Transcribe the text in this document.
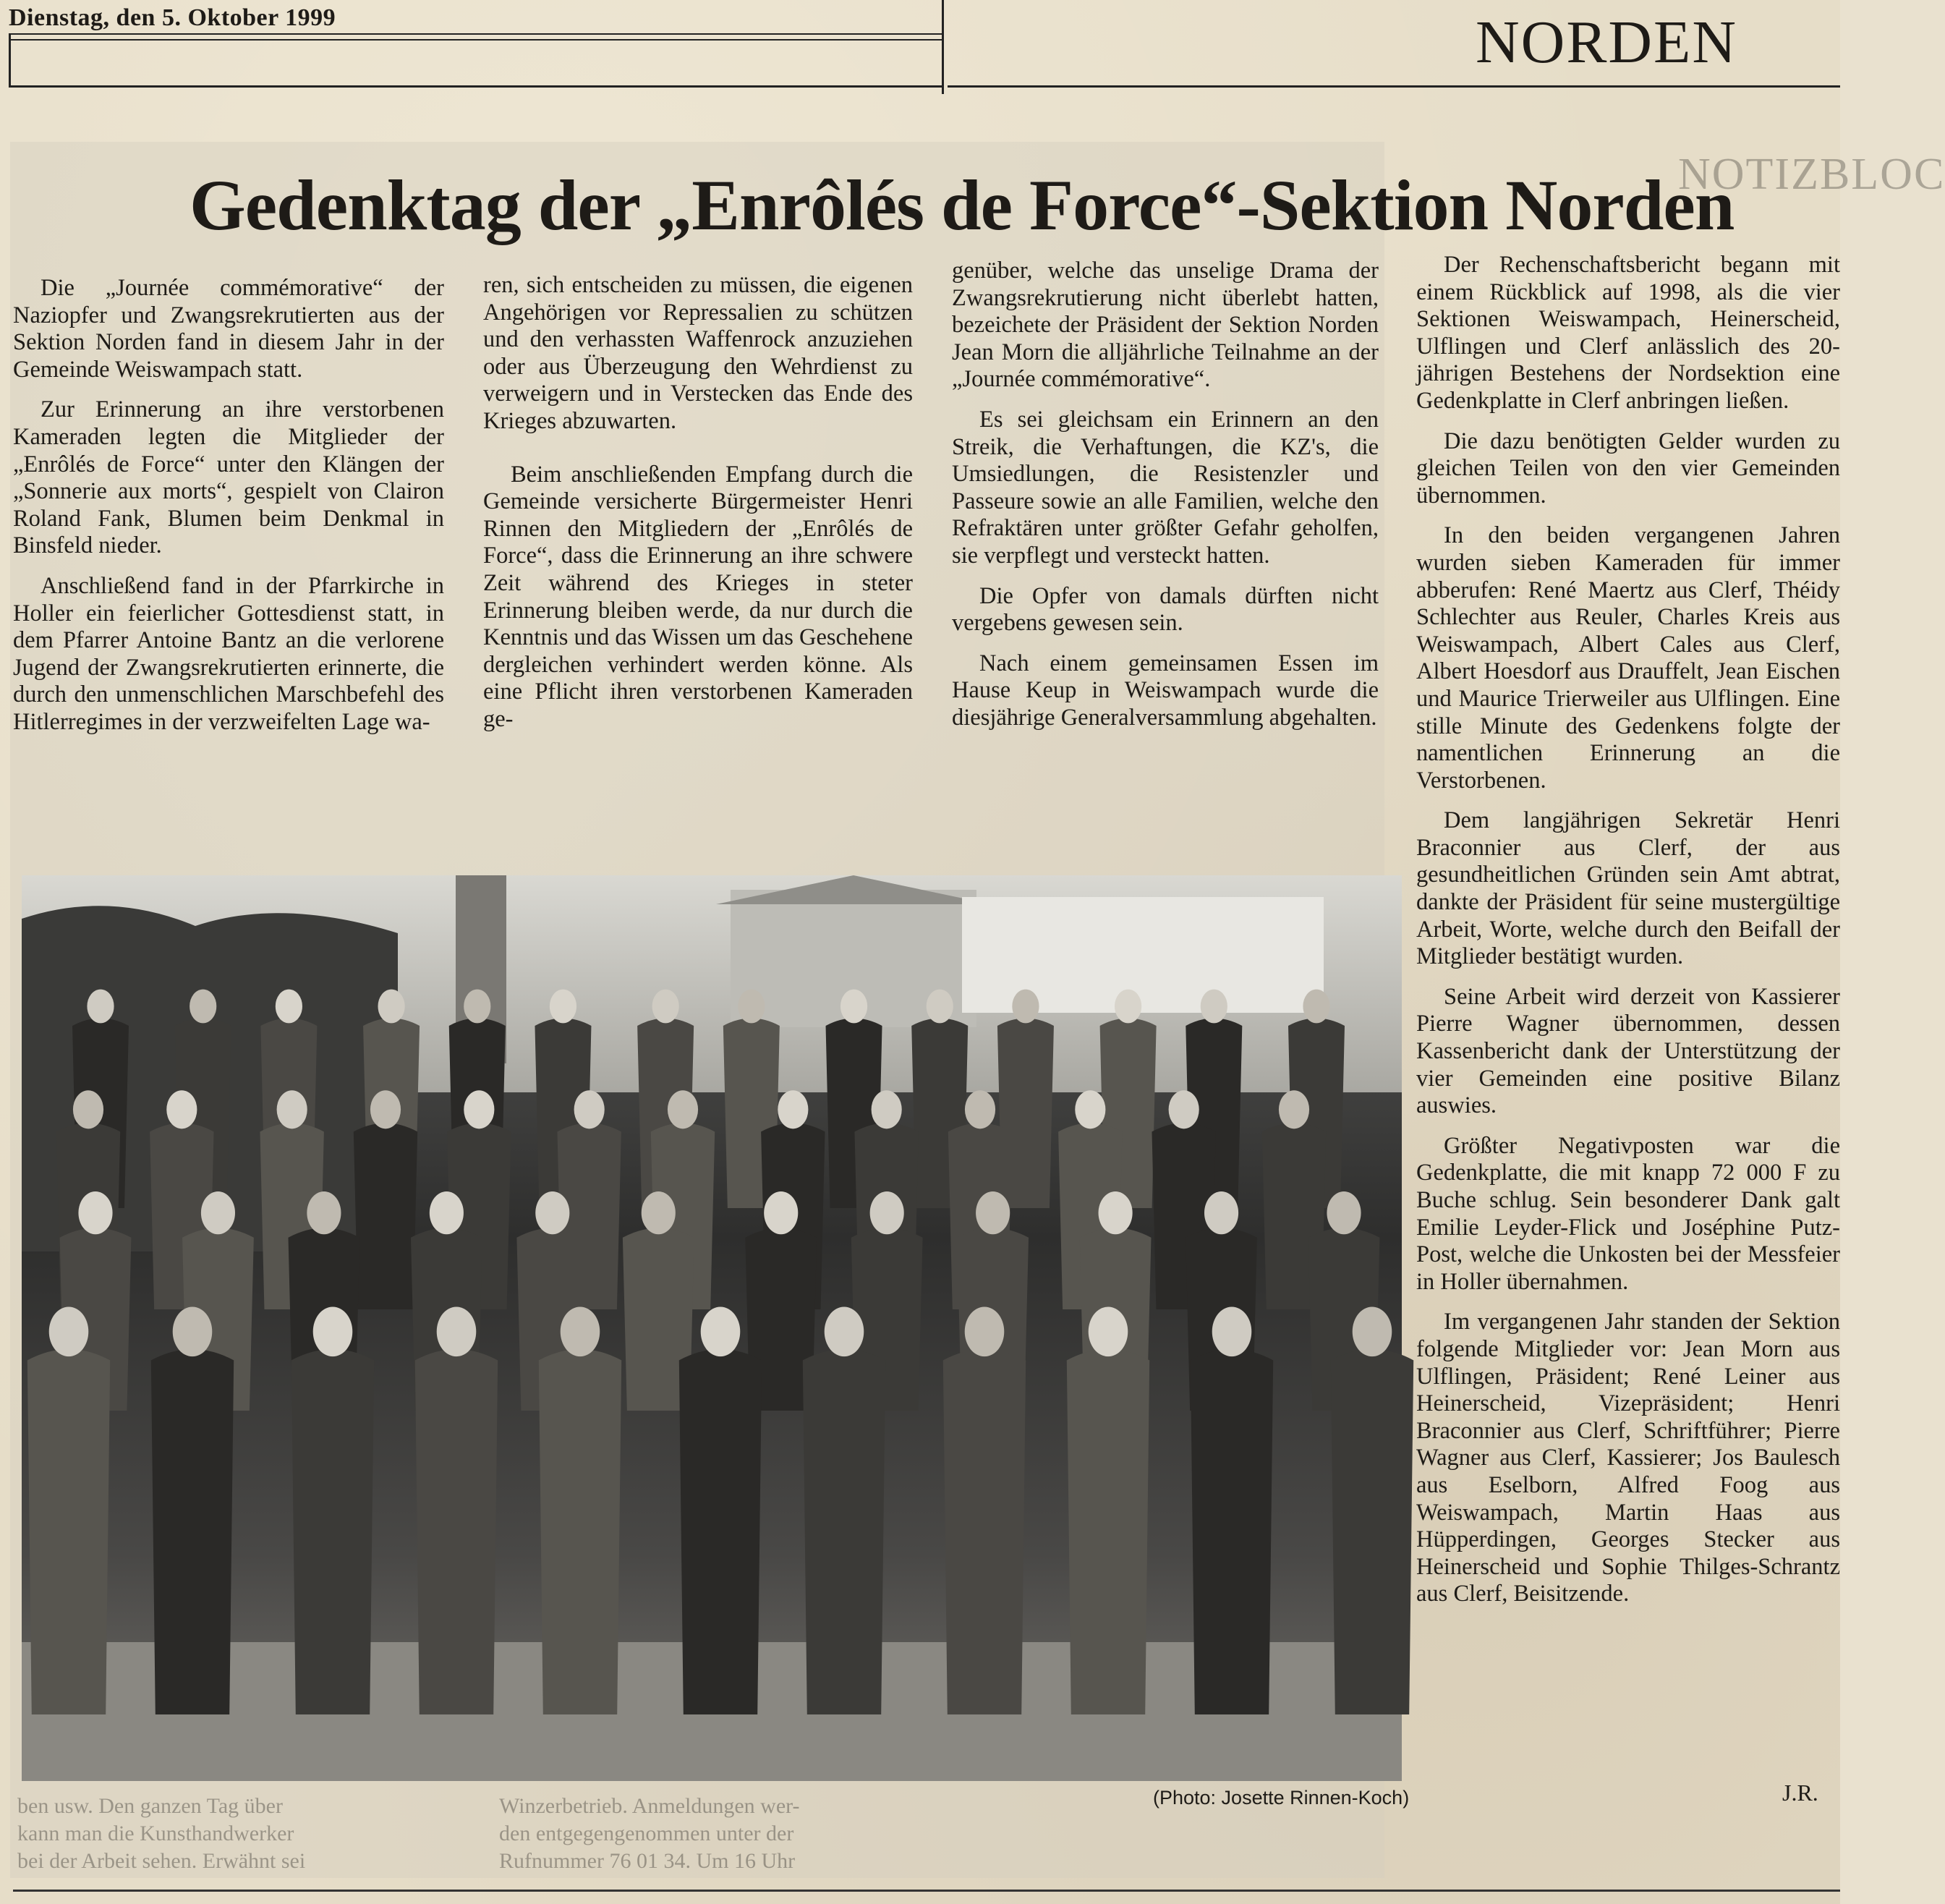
Dienstag, den 5. Oktober 1999	NORDEN
NOTIZBLOC
Gedenktag der „Enrôlés de Force“-Sektion Norden

Die „Journée commémorative“ der Naziopfer und Zwangsrekrutierten aus der Sektion Norden fand in diesem Jahr in der Gemeinde Weiswampach statt.

Zur Erinnerung an ihre verstorbenen Kameraden legten die Mitglieder der „Enrôlés de Force“ unter den Klängen der „Sonnerie aux morts“, gespielt von Clairon Roland Fank, Blumen beim Denkmal in Binsfeld nieder.

Anschließend fand in der Pfarrkirche in Holler ein feierlicher Gottesdienst statt, in dem Pfarrer Antoine Bantz an die verlorene Jugend der Zwangsrekrutierten erinnerte, die durch den unmenschlichen Marschbefehl des Hitlerregimes in der verzweifelten Lage wa-

ren, sich entscheiden zu müssen, die eigenen Angehörigen vor Repressalien zu schützen und den verhassten Waffenrock anzuziehen oder aus Überzeugung den Wehrdienst zu verweigern und in Verstecken das Ende des Krieges abzuwarten.

Beim anschließenden Empfang durch die Gemeinde versicherte Bürgermeister Henri Rinnen den Mitgliedern der „Enrôlés de Force“, dass die Erinnerung an ihre schwere Zeit während des Krieges in steter Erinnerung bleiben werde, da nur durch die Kenntnis und das Wissen um das Geschehene dergleichen verhindert werden könne. Als eine Pflicht ihren verstorbenen Kameraden ge-

genüber, welche das unselige Drama der Zwangsrekrutierung nicht überlebt hatten, bezeichete der Präsident der Sektion Norden Jean Morn die alljährliche Teilnahme an der „Journée commémorative“.

Es sei gleichsam ein Erinnern an den Streik, die Verhaftungen, die KZ's, die Umsiedlungen, die Resistenzler und Passeure sowie an alle Familien, welche den Refraktären unter größter Gefahr geholfen, sie verpflegt und versteckt hatten.

Die Opfer von damals dürften nicht vergebens gewesen sein.

Nach einem gemeinsamen Essen im Hause Keup in Weiswampach wurde die diesjährige Generalversammlung abgehalten.

Der Rechenschaftsbericht begann mit einem Rückblick auf 1998, als die vier Sektionen Weiswampach, Heinerscheid, Ulflingen und Clerf anlässlich des 20-jährigen Bestehens der Nordsektion eine Gedenkplatte in Clerf anbringen ließen.

Die dazu benötigten Gelder wurden zu gleichen Teilen von den vier Gemeinden übernommen.

In den beiden vergangenen Jahren wurden sieben Kameraden für immer abberufen: René Maertz aus Clerf, Théidy Schlechter aus Reuler, Charles Kreis aus Weiswampach, Albert Cales aus Clerf, Albert Hoesdorf aus Drauffelt, Jean Eischen und Maurice Trierweiler aus Ulflingen. Eine stille Minute des Gedenkens folgte der namentlichen Erinnerung an die Verstorbenen.

Dem langjährigen Sekretär Henri Braconnier aus Clerf, der aus gesundheitlichen Gründen sein Amt abtrat, dankte der Präsident für seine mustergültige Arbeit, Worte, welche durch den Beifall der Mitglieder bestätigt wurden.

Seine Arbeit wird derzeit von Kassierer Pierre Wagner übernommen, dessen Kassenbericht dank der Unterstützung der vier Gemeinden eine positive Bilanz auswies.

Größter Negativposten war die Gedenkplatte, die mit knapp 72 000 F zu Buche schlug. Sein besonderer Dank galt Emilie Leyder-Flick und Joséphine Putz-Post, welche die Unkosten bei der Messfeier in Holler übernahmen.

Im vergangenen Jahr standen der Sektion folgende Mitglieder vor: Jean Morn aus Ulflingen, Präsident; René Leiner aus Heinerscheid, Vizepräsident; Henri Braconnier aus Clerf, Schriftführer; Pierre Wagner aus Clerf, Kassierer; Jos Baulesch aus Eselborn, Alfred Foog aus Weiswampach, Martin Haas aus Hüpperdingen, Georges Stecker aus Heinerscheid und Sophie Thilges-Schrantz aus Clerf, Beisitzende.

(Photo: Josette Rinnen-Koch)	J.R.
ben usw. Den ganzen Tag über
kann man die Kunsthandwerker
bei der Arbeit sehen. Erwähnt sei
Winzerbetrieb. Anmeldungen wer-
den entgegengenommen unter der
Rufnummer 76 01 34. Um 16 Uhr
